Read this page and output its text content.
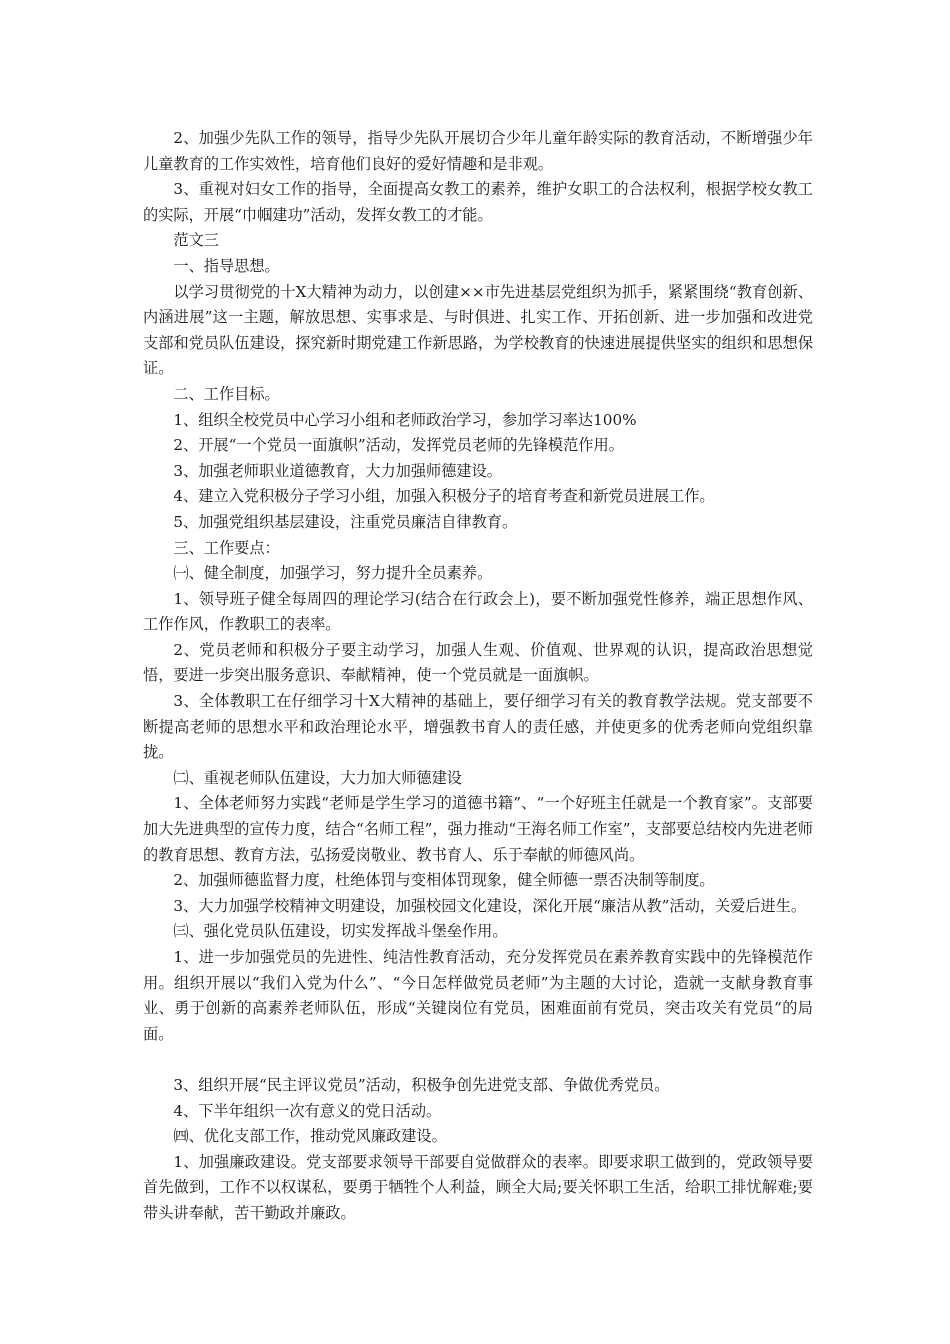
2、加强少先队工作的领导，指导少先队开展切合少年儿童年龄实际的教育活动，不断增强少年儿童教育的工作实效性，培育他们良好的爱好情趣和是非观。

3、重视对妇女工作的指导，全面提高女教工的素养，维护女职工的合法权利，根据学校女教工的实际，开展“巾帼建功”活动，发挥女教工的才能。

范文三

一、指导思想。

以学习贯彻党的十X大精神为动力，以创建××市先进基层党组织为抓手，紧紧围绕“教育创新、内涵进展”这一主题，解放思想、实事求是、与时俱进、扎实工作、开拓创新、进一步加强和改进党支部和党员队伍建设，探究新时期党建工作新思路，为学校教育的快速进展提供坚实的组织和思想保证。

二、工作目标。

1、组织全校党员中心学习小组和老师政治学习，参加学习率达100%

2、开展“一个党员一面旗帜”活动，发挥党员老师的先锋模范作用。

3、加强老师职业道德教育，大力加强师德建设。

4、建立入党积极分子学习小组，加强入积极分子的培育考查和新党员进展工作。

5、加强党组织基层建设，注重党员廉洁自律教育。

三、工作要点：

㈠、健全制度，加强学习，努力提升全员素养。

1、领导班子健全每周四的理论学习(结合在行政会上)，要不断加强党性修养，端正思想作风、工作作风，作教职工的表率。

2、党员老师和积极分子要主动学习，加强人生观、价值观、世界观的认识，提高政治思想觉悟，要进一步突出服务意识、奉献精神，使一个党员就是一面旗帜。

3、全体教职工在仔细学习十X大精神的基础上，要仔细学习有关的教育教学法规。党支部要不断提高老师的思想水平和政治理论水平，增强教书育人的责任感，并使更多的优秀老师向党组织靠拢。

㈡、重视老师队伍建设，大力加大师德建设

1、全体老师努力实践“老师是学生学习的道德书籍”、“一个好班主任就是一个教育家”。支部要加大先进典型的宣传力度，结合“名师工程”，强力推动“王海名师工作室”，支部要总结校内先进老师的教育思想、教育方法，弘扬爱岗敬业、教书育人、乐于奉献的师德风尚。

2、加强师德监督力度，杜绝体罚与变相体罚现象，健全师德一票否决制等制度。

3、大力加强学校精神文明建设，加强校园文化建设，深化开展“廉洁从教”活动，关爱后进生。

㈢、强化党员队伍建设，切实发挥战斗堡垒作用。

1、进一步加强党员的先进性、纯洁性教育活动，充分发挥党员在素养教育实践中的先锋模范作用。组织开展以“我们入党为什么”、“今日怎样做党员老师”为主题的大讨论，造就一支献身教育事业、勇于创新的高素养老师队伍，形成“关键岗位有党员，困难面前有党员，突击攻关有党员”的局面。

3、组织开展“民主评议党员”活动，积极争创先进党支部、争做优秀党员。

4、下半年组织一次有意义的党日活动。

㈣、优化支部工作，推动党风廉政建设。

1、加强廉政建设。党支部要求领导干部要自觉做群众的表率。即要求职工做到的，党政领导要首先做到，工作不以权谋私，要勇于牺牲个人利益，顾全大局;要关怀职工生活，给职工排忧解难;要带头讲奉献，苦干勤政并廉政。
